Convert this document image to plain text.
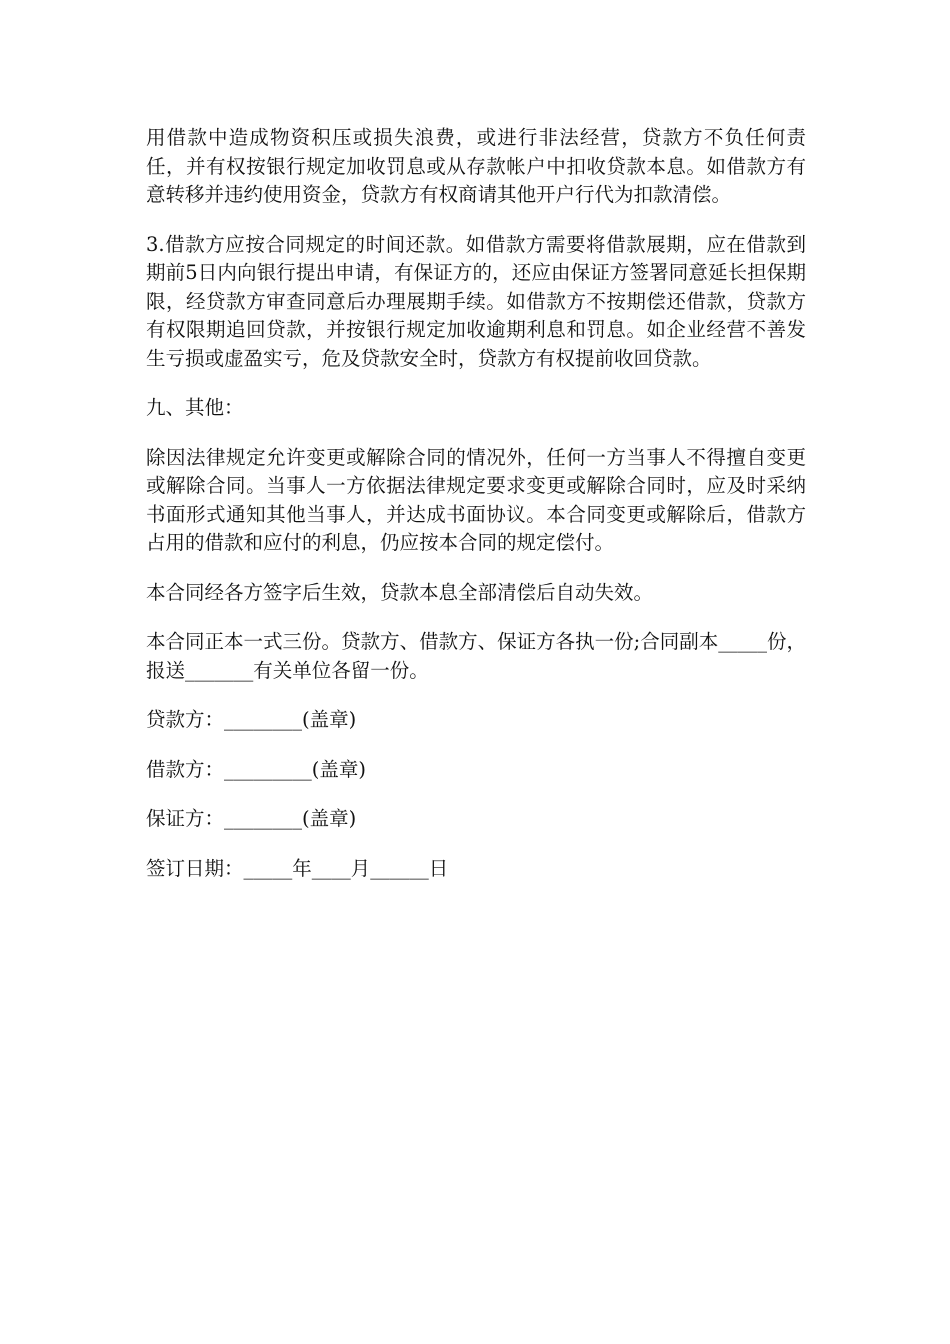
用借款中造成物资积压或损失浪费，或进行非法经营，贷款方不负任何责任，并有权按银行规定加收罚息或从存款帐户中扣收贷款本息。如借款方有意转移并违约使用资金，贷款方有权商请其他开户行代为扣款清偿。

3.借款方应按合同规定的时间还款。如借款方需要将借款展期，应在借款到期前5日内向银行提出申请，有保证方的，还应由保证方签署同意延长担保期限，经贷款方审查同意后办理展期手续。如借款方不按期偿还借款，贷款方有权限期追回贷款，并按银行规定加收逾期利息和罚息。如企业经营不善发生亏损或虚盈实亏，危及贷款安全时，贷款方有权提前收回贷款。

九、其他：

除因法律规定允许变更或解除合同的情况外，任何一方当事人不得擅自变更或解除合同。当事人一方依据法律规定要求变更或解除合同时，应及时采纳书面形式通知其他当事人，并达成书面协议。本合同变更或解除后，借款方占用的借款和应付的利息，仍应按本合同的规定偿付。

本合同经各方签字后生效，贷款本息全部清偿后自动失效。

本合同正本一式三份。贷款方、借款方、保证方各执一份;合同副本_____份，报送_______有关单位各留一份。

贷款方：________(盖章)
借款方：_________(盖章)
保证方：________(盖章)
签订日期：_____年____月______日
